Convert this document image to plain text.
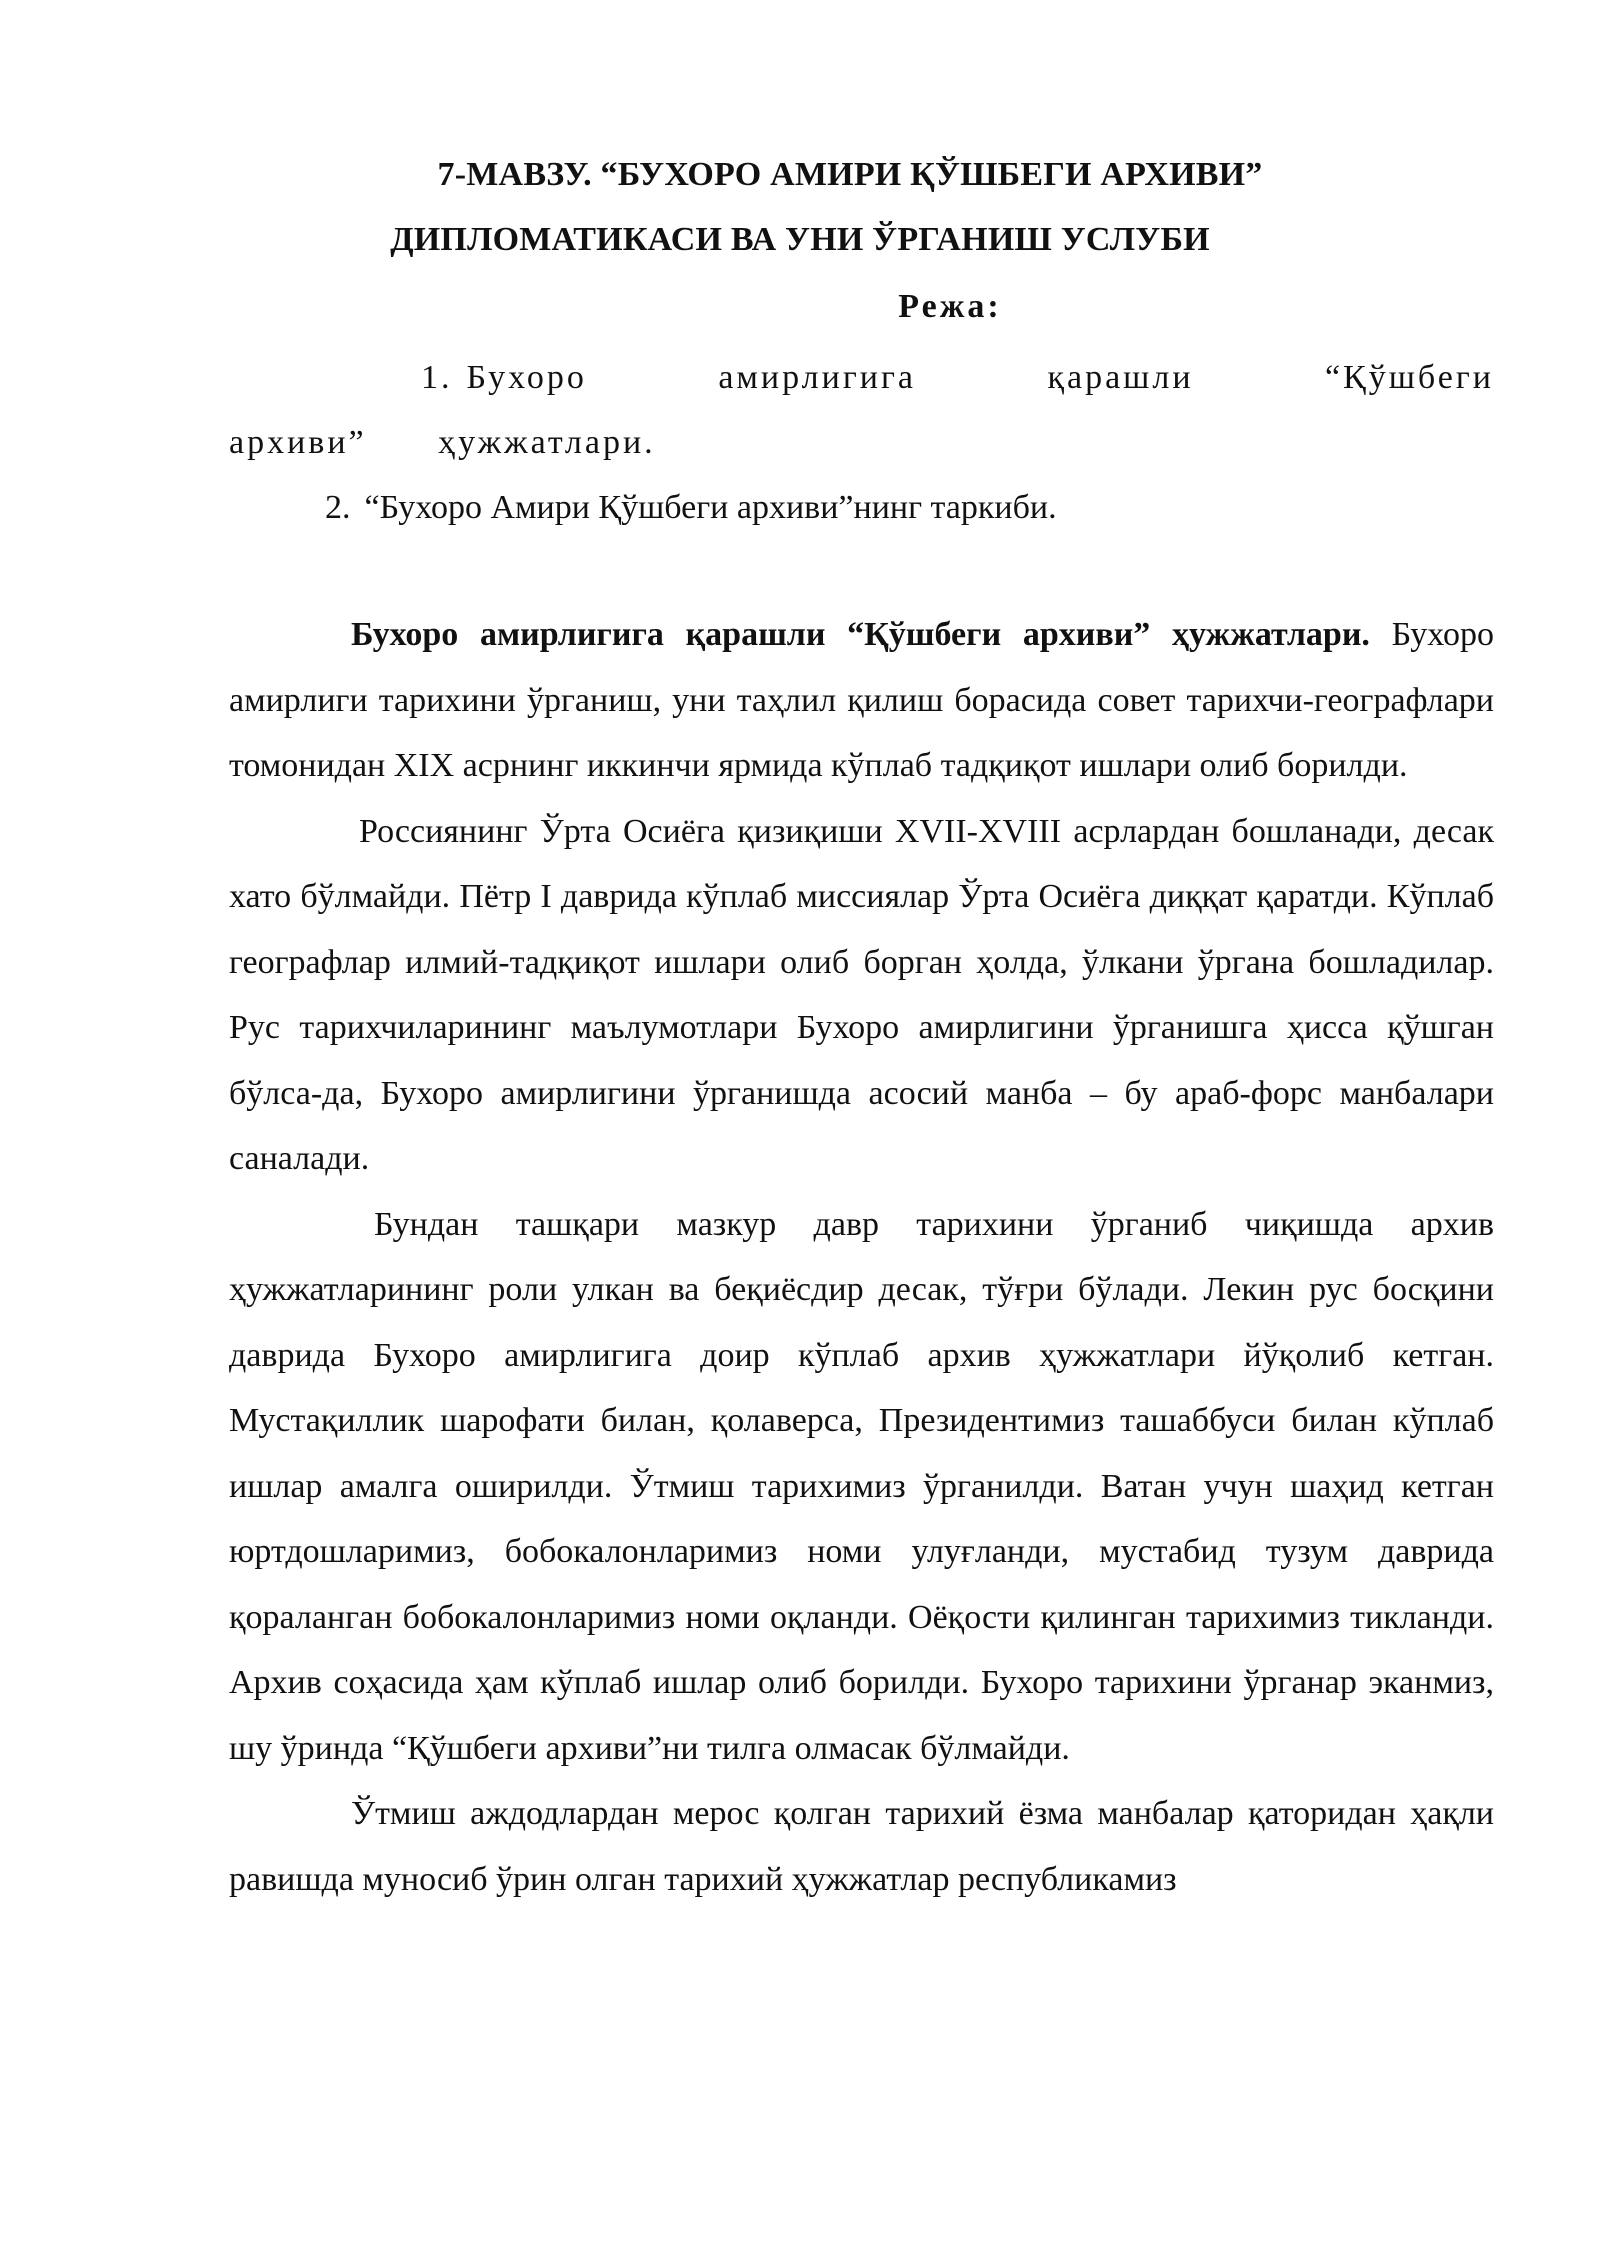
7-МАВЗУ. “БУХОРО АМИРИ ҚЎШБЕГИ АРХИВИ”
ДИПЛОМАТИКАСИ ВА УНИ ЎРГАНИШ УСЛУБИ
Режа:

1. Бухоро амирлигига қарашли “Қўшбеги архиви” ҳужжатлари.

2. “Бухоро Амири Қўшбеги архиви”нинг таркиби.

Бухоро амирлигига қарашли “Қўшбеги архиви” ҳужжатлари. Бухоро амирлиги тарихини ўрганиш, уни таҳлил қилиш борасида совет тарихчи-географлари томонидан XIX асрнинг иккинчи ярмида кўплаб тадқиқот ишлари олиб борилди.

Россиянинг Ўрта Осиёга қизиқиши XVII-XVIII асрлардан бошланади, десак хато бўлмайди. Пётр I даврида кўплаб миссиялар Ўрта Осиёга диққат қаратди. Кўплаб географлар илмий-тадқиқот ишлари олиб борган ҳолда, ўлкани ўргана бошладилар. Рус тарихчиларининг маълумотлари Бухоро амирлигини ўрганишга ҳисса қўшган бўлса-да, Бухоро амирлигини ўрганишда асосий манба – бу араб-форс манбалари саналади.

Бундан ташқари мазкур давр тарихини ўрганиб чиқишда архив ҳужжатларининг роли улкан ва беқиёсдир десак, тўғри бўлади. Лекин рус босқини даврида Бухоро амирлигига доир кўплаб архив ҳужжатлари йўқолиб кетган. Мустақиллик шарофати билан, қолаверса, Президентимиз ташаббуси билан кўплаб ишлар амалга оширилди. Ўтмиш тарихимиз ўрганилди. Ватан учун шаҳид кетган юртдошларимиз, бобокалонларимиз номи улуғланди, мустабид тузум даврида қораланган бобокалонларимиз номи оқланди. Оёқости қилинган тарихимиз тикланди. Архив соҳасида ҳам кўплаб ишлар олиб борилди. Бухоро тарихини ўрганар эканмиз, шу ўринда “Қўшбеги архиви”ни тилга олмасак бўлмайди.

Ўтмиш аждодлардан мерос қолган тарихий ёзма манбалар қаторидан ҳақли равишда муносиб ўрин олган тарихий ҳужжатлар республикамиз
